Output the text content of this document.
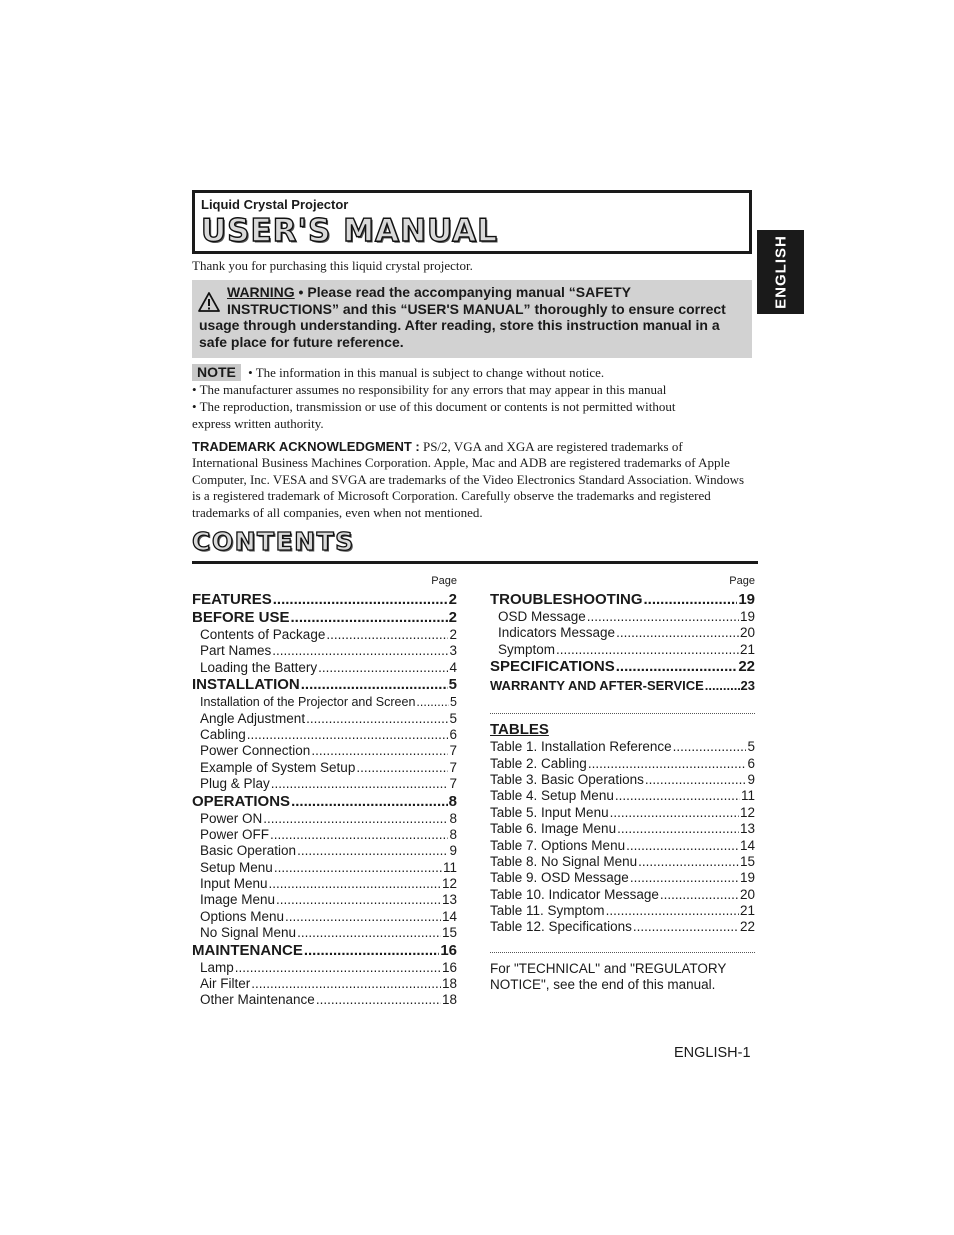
Liquid Crystal Projector
USER'S MANUAL
ENGLISH
Thank you for purchasing this liquid crystal projector.
WARNING • Please read the accompanying manual “SAFETY
INSTRUCTIONS” and this “USER'S MANUAL” thoroughly to ensure correct
usage through understanding. After reading, store this instruction manual in a
safe place for future reference.
NOTE • The information in this manual is subject to change without notice.
• The manufacturer assumes no responsibility for any errors that may appear in this manual
• The reproduction, transmission or use of this document or contents is not permitted without
express written authority.
TRADEMARK ACKNOWLEDGMENT : PS/2, VGA and XGA are registered trademarks of International Business Machines Corporation. Apple, Mac and ADB are registered trademarks of Apple Computer, Inc. VESA and SVGA are trademarks of the Video Electronics Standard Association. Windows is a registered trademark of Microsoft Corporation. Carefully observe the trademarks and registered trademarks of all companies, even when not mentioned.
CONTENTS
Page
FEATURES .....	2
BEFORE USE .....	2
Contents of Package .....	2
Part Names .....	3
Loading the Battery .....	4
INSTALLATION .....	5
Installation of the Projector and Screen .....	5
Angle Adjustment .....	5
Cabling .....	6
Power Connection .....	7
Example of System Setup .....	7
Plug & Play .....	7
OPERATIONS .....	8
Power ON .....	8
Power OFF .....	8
Basic Operation .....	9
Setup Menu .....	11
Input Menu .....	12
Image Menu .....	13
Options Menu .....	14
No Signal Menu .....	15
MAINTENANCE .....	16
Lamp .....	16
Air Filter .....	18
Other Maintenance .....	18
Page
TROUBLESHOOTING .....	19
OSD Message .....	19
Indicators Message .....	20
Symptom .....	21
SPECIFICATIONS .....	22
WARRANTY AND AFTER-SERVICE .....	23
TABLES
Table 1. Installation Reference .....	5
Table 2. Cabling .....	6
Table 3. Basic Operations .....	9
Table 4. Setup Menu .....	11
Table 5. Input Menu .....	12
Table 6. Image Menu .....	13
Table 7. Options Menu .....	14
Table 8. No Signal Menu .....	15
Table 9. OSD Message .....	19
Table 10. Indicator Message .....	20
Table 11. Symptom .....	21
Table 12. Specifications .....	22
For "TECHNICAL" and "REGULATORY
NOTICE", see the end of this manual.
ENGLISH-1
